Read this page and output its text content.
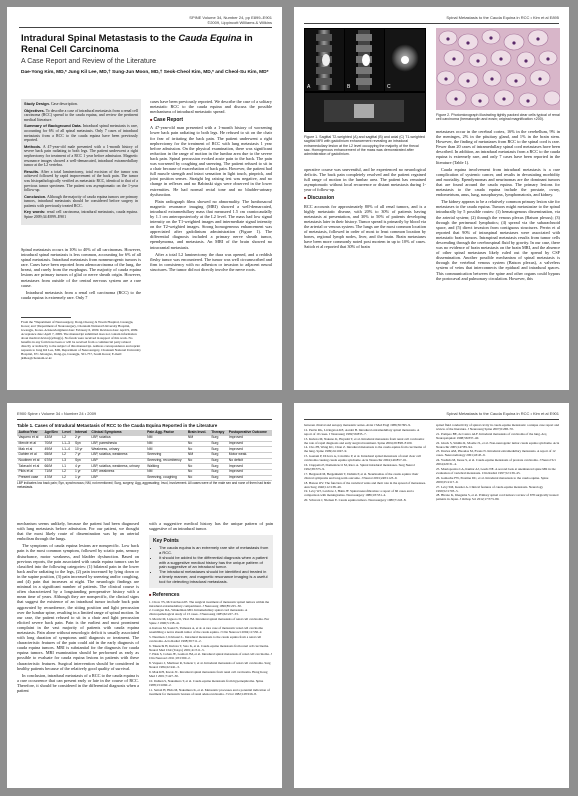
SPINE Volume 34, Number 24, pp E899–E901
©2009, Lippincott Williams & Wilkins
Intradural Spinal Metastasis to the Cauda Equina in Renal Cell Carcinoma
A Case Report and Review of the Literature
Dae-Yong Kim, MD,* Jung Kil Lee, MD,† Sung-Jun Moon, MD,† Seok-Cheol Kim, MD,* and Cheol-Su Kim, MD*

Study Design. Case description.

Objectives. To describe a case of intradural metastasis from a renal cell carcinoma (RCC) spread to the cauda equina, and review the pertinent medical literature.

Summary of Background Data. Intradural spinal metastasis is rare, accounting for 6% of all spinal metastasis. Only 7 cases of intradural metastasis from a RCC to the cauda equina have been previously reported.

Methods. A 47-year-old male presented with a 1-month history of severe back pain radiating to both legs. The patient underwent a right nephrectomy for treatment of a RCC 1 year before admission. Magnetic resonance images showed a well-demarcated, intradural extramedullary tumor at the L2 vertebra.

Results. After a total laminectomy, total excision of the tumor was achieved followed by rapid improvement of the back pain. The tumor was histopathologically verified as metastatic RCC, identical to that of a previous tumor specimen. The patient was asymptomatic on the 1-year follow-up.

Conclusion. Although the majority of cauda equina tumors are primary tumors, intradural metastasis should be considered before surgery in patients with previously treated RCC.

Key words: renal cell carcinoma, intradural metastasis, cauda equina. Spine 2009;34:E899–E901

Spinal metastasis occurs in 10% to 40% of all carcinomas. However, intradural spinal metastasis is less common, accounting for 6% of all spinal metastasis. Intradural metastasis from nonneurogenic tumors is rare. Cases have been reported from adenocarcinoma of the lung, the breast, and rarely from the esophagus. The majority of cauda equina lesions are primary tumors of glial or nerve sheath origin. However, metastases from outside of the central nervous system are a rare cause.

Intradural metastasis from a renal cell carcinoma (RCC) to the cauda equina is extremely rare. Only 7

From the *Department of Neurosurgery, Dong-Cheong Ja Woom Hospital, Gwangju, Korea; and †Department of Neurosurgery, Chonnam National University Hospital, Gwangju, Korea. Acknowledgment date: February 6, 2009. Revision date: April 9, 2009. Acceptance date: April 7, 2009. The manuscript submitted does not contain information about medical device(s)/drug(s). No funds were received in support of this work. No benefits in any form have been or will be received from a commercial party related directly or indirectly to the subject of this manuscript. Address correspondence and reprint requests to Jung Kil Lee, MD, Department of Neurosurgery, Chonnam National University Hospital, 671 Jebongno, Dong-gu, Gwangju, 501-757, South Korea; E-mail: jkillee@chonnam.ac.kr

cases have been previously reported. We describe the case of a solitary metastatic RCC to the cauda equina and discuss the possible mechanisms of intradural metastatic spread.

■ Case Report

A 47-year-old man presented with a 1-month history of worsening lower back pain radiating to both legs. He refused to sit on the chair for fear of irritating the back pain. The patient underwent a right nephrectomy for the treatment of RCC with lung metastasis 1 year before admission. On the physical examination, there was significant reduction in the range of motion in the lumbar area due to the severe back pain. Spinal percussion evoked acute pain to the back. The pain was worsened by coughing and sneezing. The patient refused to sit in a chair because of exacerbation of back pain. However, the patient had full muscle strength and intact sensation in light touch, pinprick, and joint position senses. Straight leg raising test was negative, and no change in reflexes and no Babinski sign were observed in the lower extremities. He had normal rectal tone and no bladder-urinary dysfunction.

Plain radiograph films showed no abnormality. The lumbosacral magnetic resonance imaging (MRI) showed a well-demarcated, intradural extramedullary mass that measured 1.5 cm craniocaudally by 1.1 cm anteroposteriorly at the L2 level. The mass had low signal intensity on the T1-weighted images and intermediate signal intensity on the T2-weighted images. Strong homogeneous enhancement was appreciated after gadolinium administration (Figure 1). The differential diagnosis included a primary nerve sheath tumor, ependymoma, and metastasis. An MRI of the brain showed no intracranial metastasis.

After a total L2 laminectomy the dura was opened, and a reddish fleshy tumor was encountered. The tumor was well circumscribed and firm in consistency with no adhesion or invasion to adjacent neural structures. The tumor did not directly involve the nerve roots.

Spinal Metastasis to the Cauda Equina in RCC • Kim et al E895
A	B	C
Figure 1. Sagittal T2-weighted (A) and sagittal (B) and axial (C) T1-weighted sagittal MRI with gadolinium enhancement revealing an intradural extramedullary lesion at the L2 level occupying the majority of the thecal sac. Homogenous enhancement of the mass was demonstrated after administration of gadolinium.
Figure 2. Photomicrograph illustrating tightly packed clear cells typical of renal cell carcinoma (hematoxylin and eosin; original magnification ×200).

operative course was uneventful, and he experienced no neurological deficits. The back pain completely resolved and the patient regained full range of motion in the lumbar area. The patient has remained asymptomatic without local recurrence or distant metastasis during 1-year of follow-up.

■ Discussion

RCC accounts for approximately 80% of all renal tumors, and is a highly metastatic disease, with 20% to 30% of patients having metastasis at presentation, and 30% to 50% of patients developing metastasis later in their history. Tumor spread is primarily by blood via the arterial or venous system. The lungs are the most common location of metastasis, followed in order of most to least common location by bones, regional lymph nodes, liver, and the brain. Brain metastases have been more commonly noted post mortem in up to 10% of cases. Saitoh et al reported that 30% of brain

metastases occur in the cerebral cortex, 16% in the cerebellum, 9% in the meninges, 2% in the pituitary gland, and 1% in the brain stem. However, the finding of metastases from RCC to the spinal cord is rare. Fewer than 20 cases of intramedullary spinal cord metastases have been described. In addition, an intradural metastasis from a RCC to the cauda equina is extremely rare, and only 7 cases have been reported in the literature (Table 1).

Cauda equina involvement from intradural metastasis is a rare complication of systemic cancer, and results in devastating morbidity and mortality. Ependymomas and neurinomas are the dominant tumors that are found around the cauda equina. The primary lesions for metastasis to the cauda equina include the prostate, ovary, endometrium, anus, lung, nasopharynx, lymphomatosis, and kidney.

The kidney appears to be a relatively common primary lesion site for metastases to the cauda equina. Tumors might metastasize to the spinal intradurally by 5 possible routes: (1) hematogenous dissemination, via the arterial system; (2) through the venous plexus (Batson plexus); (3) through the perineural lymphatics; (4) spread via the subarachnoid space, and (5) direct invasion from contiguous structures. Perrin et al reported that 90% of intraspinal metastases were associated with metastatic brain tumors. Intraspinal metastasis results from tumor cells descending through the cerebrospinal fluid by gravity. In our case, there was no evidence of brain metastasis on the brain MRI, and the absence of other spinal metastases likely ruled out the spread by CSF dissemination. Another possible mechanism of spinal metastasis is through the vertebral venous system (Batson plexus), a valveless system of veins that interconnects the epidural and intradural spaces. This communication between the spine and other organs could bypass the portocaval and pulmonary circulation. However, this

E900 Spine • Volume 34 • Number 24 • 2009
Table 1. Cases of Intradural Metastasis of RCC to the Cauda Equina Reported in the Literature
Author/Year	Age/Sex	Level	Interval	Clinical Symptoms	Pain Agg. Factor	Brain Invol.	Therapy	Postoperative Outcome
Vaquero et al	43/M	L2	2 yr	LBP, sciatica	NM	NM	Surg	Improved
Mercié et al	70/M	L1–3	Syn	LBP, paresthesia	NM	No	Surg	Improved
Mak et al	49/M	L1–4	10 yr	Weakness, urinary	NM	No	Surg	Improved
Dahlen et al	65/M	L2	7 yr	LBP, sciatica, weakness	Sneezing	NM	Surg	Motor weak.
Nuutinen et al	67/M	L3	Syn	LBP	Sneezing, recumbency	No	Surg	No deficit
Takeuchi et al	66/M	L1	4 yr	LBP, sciatica, weakness, urinary	Walking	No	Surg	Improved
Pikis et al	71/M	L2	1 yr	LBP, weakness	NM	No	Surg	Improved
Present case	47/M	L2	1 yr	LBP	Sneezing, coughing	No	Surg	Improved
LBP indicates low back pain; Syn, synchronous; NM, not mentioned; Surg, surgery; Agg, aggravating; Invol, involvement. All cases were of the male sex and none of them had brain metastasis.

mechanism seems unlikely, because the patient had been diagnosed with lung metastasis before admission. For our patient, we thought that the most likely route of dissemination was by an arterial embolism through the lungs.

The symptoms of cauda equina lesions are nonspecific. Low back pain is the most common symptom, followed by sciatic pain, sensory disturbance, motor weakness, and bladder dysfunction. Based on previous reports, the pain associated with cauda equina tumors can be classified into the following categories: (1) bilateral pain in the lower back and/or radiating to the legs, (2) pain increased by lying down or in the supine position, (3) pain increased by sneezing and/or coughing, and (4) pain that increases at night. The neurologic findings are minimal in a significant number of patients. The clinical course is often characterized by a longstanding preoperative history with a mean time of years. Although they are nonspecific, the clinical signs that suggest the existence of an intradural tumor include back pain aggravated by recumbence, the sitting position and light percussion over the lumbar spine, resulting in a limited range of spinal motion. In our case, the patient refused to sit in a chair and light percussion elicited severe back pain. Pain is the earliest and most prominent complaint in the vast majority of patients with cauda equina metastasis. Pain alone without neurologic deficit is usually associated with long duration of symptoms until diagnosis or treatment. The characteristic features of the pain could aid in the early diagnosis of cauda equina tumors. MRI is substantial for the diagnosis for cauda equina tumors. MRI examination should be performed as early as possible to evaluate for cauda equina lesions in patients with these characteristic features. Surgical intervention should be considered in healthy patients because of the relatively good quality of survival.

In conclusion, intradural metastasis of a RCC to the cauda equina is a rare occurrence that can present early or late in the course of RCC. Therefore, it should be considered in the differential diagnosis when a patient

with a suggestive medical history has the unique pattern of pain suggestive of an intradural tumor.

Key Points
• The cauda equina is an extremely rare site of metastasis from a RCC.
• It should be added to the differential diagnosis when a patient with a suggestive medical history has the unique pattern of pain suggestive of an intradural tumor.
• The intradural metastases should be identified and treated in a timely manner, and magnetic resonance imaging is a useful tool for detecting intradural metastasis.
■ References
1. Chow TS, McCutcheon IE. The surgical treatment of metastatic spinal tumors within the intradural extramedullary compartment. J Neurosurg 1996;85:225–30.
2. Costigan DA, Winkelman MD. Intramedullary spinal cord metastasis. A clinicopathological study of 13 cases. J Neurosurg 1985;62:227–33.
3. Mercié M, Liguoro D, Vital JM. Intradural spinal metastasis of renal cell carcinoma. Eur Spine J 1996;5:138–41.
4. Kubota M, Saeki N, Yamaura A, et al. A rare case of metastatic renal cell carcinoma resembling a nerve sheath tumor of the cauda equina. J Clin Neurosci 2004;11:530–2.
5. Nuutinen J, Kivisaari L. Intradural metastasis to the cauda equina from a renal cell carcinoma. Acta Radiol 1998;39:711–2.
6. Takeuchi H, Kubota T, Sato K, et al. Cauda equina metastasis from renal cell carcinoma. Neurol Med Chir (Tokyo) 2001;41:511–5.
7. Pikis S, Cohen JE, Gomori JM, et al. Intradural spinal metastasis of renal cell carcinoma. J Clin Neurosci 2011;18:1560–2.
8. Vaquero J, Martinez R, Salazar J, et al. Intradural metastasis of renal cell carcinoma. Surg Neurol 1984;22:241–3.
9. Mak KH, Kwok JC. Intradural spinal metastasis from renal cell carcinoma. Hong Kong Med J 2001;7:427–30.
10. Dahlen S, Nakamura T, et al. Cauda equina metastasis from hypernephroma. Spine 1988;13:1060–2.
11. Saitoh H, Hida M, Nakamura K, et al. Metastatic processes and a potential indication of treatment for metastatic lesions of renal adenocarcinoma. J Urol 1982;128:916–8.
Spinal Metastasis to the Cauda Equina in RCC • Kim et al E901
between clinical and autopsy metastatic series. Aviat J Med Engl 1986;36:395–9.
12. Perrin RG, Livingston KE, Aarabi B. Intradural extramedullary spinal metastasis. A report of 10 cases. J Neurosurg 1982;56:835–7.
13. Kubota M, Nakano K, Hayashi T, et al. Intradural metastasis from renal cell carcinoma: the role of rapid diagnosis and early surgical treatment. Spine 2004;29:E98–E100.
14. Cho JH, Wang KC, Chan Z. Intradural metastasis to the cauda equina from carcinoma of the lung. Spine 1999;24:1047–9.
15. Gaetani P, Di Ieva A, Colombo P, et al. Intradural spinal metastasis of renal clear cell carcinoma causing cauda equina syndrome. Acta Neurochir 2004;146:857–61.
16. Ciappetta P, Domenicucci M, Raco A. Spinal intradural metastases. Surg Neurol 1992;38:375–9.
17. Bergstedt M, Bergenheim T, Dahlén P, et al. Neurinomas of the cauda equina: their clinical symptoms and long-term outcome. J Neurol 2001;248:1123–9.
18. Batson OV. The function of the vertebral veins and their role in the spread of metastases. Ann Surg 1940;112:138–49.
19. Levy WJ, Latchaw J, Hahn JF. Spinal neurofibromas: a report of 66 cases and a comparison with meningiomas. Neurosurgery 1986;18:331–4.
20. Schwarz J, Nielsen E. Cauda equina tumors. Neurosurgery 1980;7:243–8.
spinal fluid conductivity of spinal cavity in cauda equina metastasis: a unique case report and review of the literature. J Neurosurg Spine 2007;6:268–70.
21. Pompeo BE, de Castro ALF. Intradural metastasis of carcinoma of the lung. Arq Neuropsiquiatr 1998;56:837–40.
22. Gluck S, Smiths R, Moelie JL, et al. Non-neurogenic tumor cauda equina syndrome. Acta Neurochir 2005;147:89–94.
23. Davies AM, Pikoulas M, Evans N. Intradural extramedullary metastasis. A report of 12 cases. Neuroradiology 2001;43:45–9.
24. Yoshida M, Inoue S, et al. Cauda equina metastasis of prostate carcinoma. J Neurol Sci 2004;220:31–4.
25. Moulopoulos LA, Kumar AJ, Leeds NE. A second look at unenhanced spine MR in the evaluation of vertebral metastasis. Clin Radiol 1997;52:139–45.
26. Gamache FW, Prestine DC, et al. Intradural metastasis to the cauda equina. Spine 2000;25:2117–9.
27. Levy SM, Kessler A. Clinical features of cauda equina metastasis. Neurology 1999;52:1703–5.
28. Hirano K, Imagama S, et al. Primary spinal cord tumors: review of 678 surgically treated patients in Japan. J Orthop Sci 2012;17:573–80.
